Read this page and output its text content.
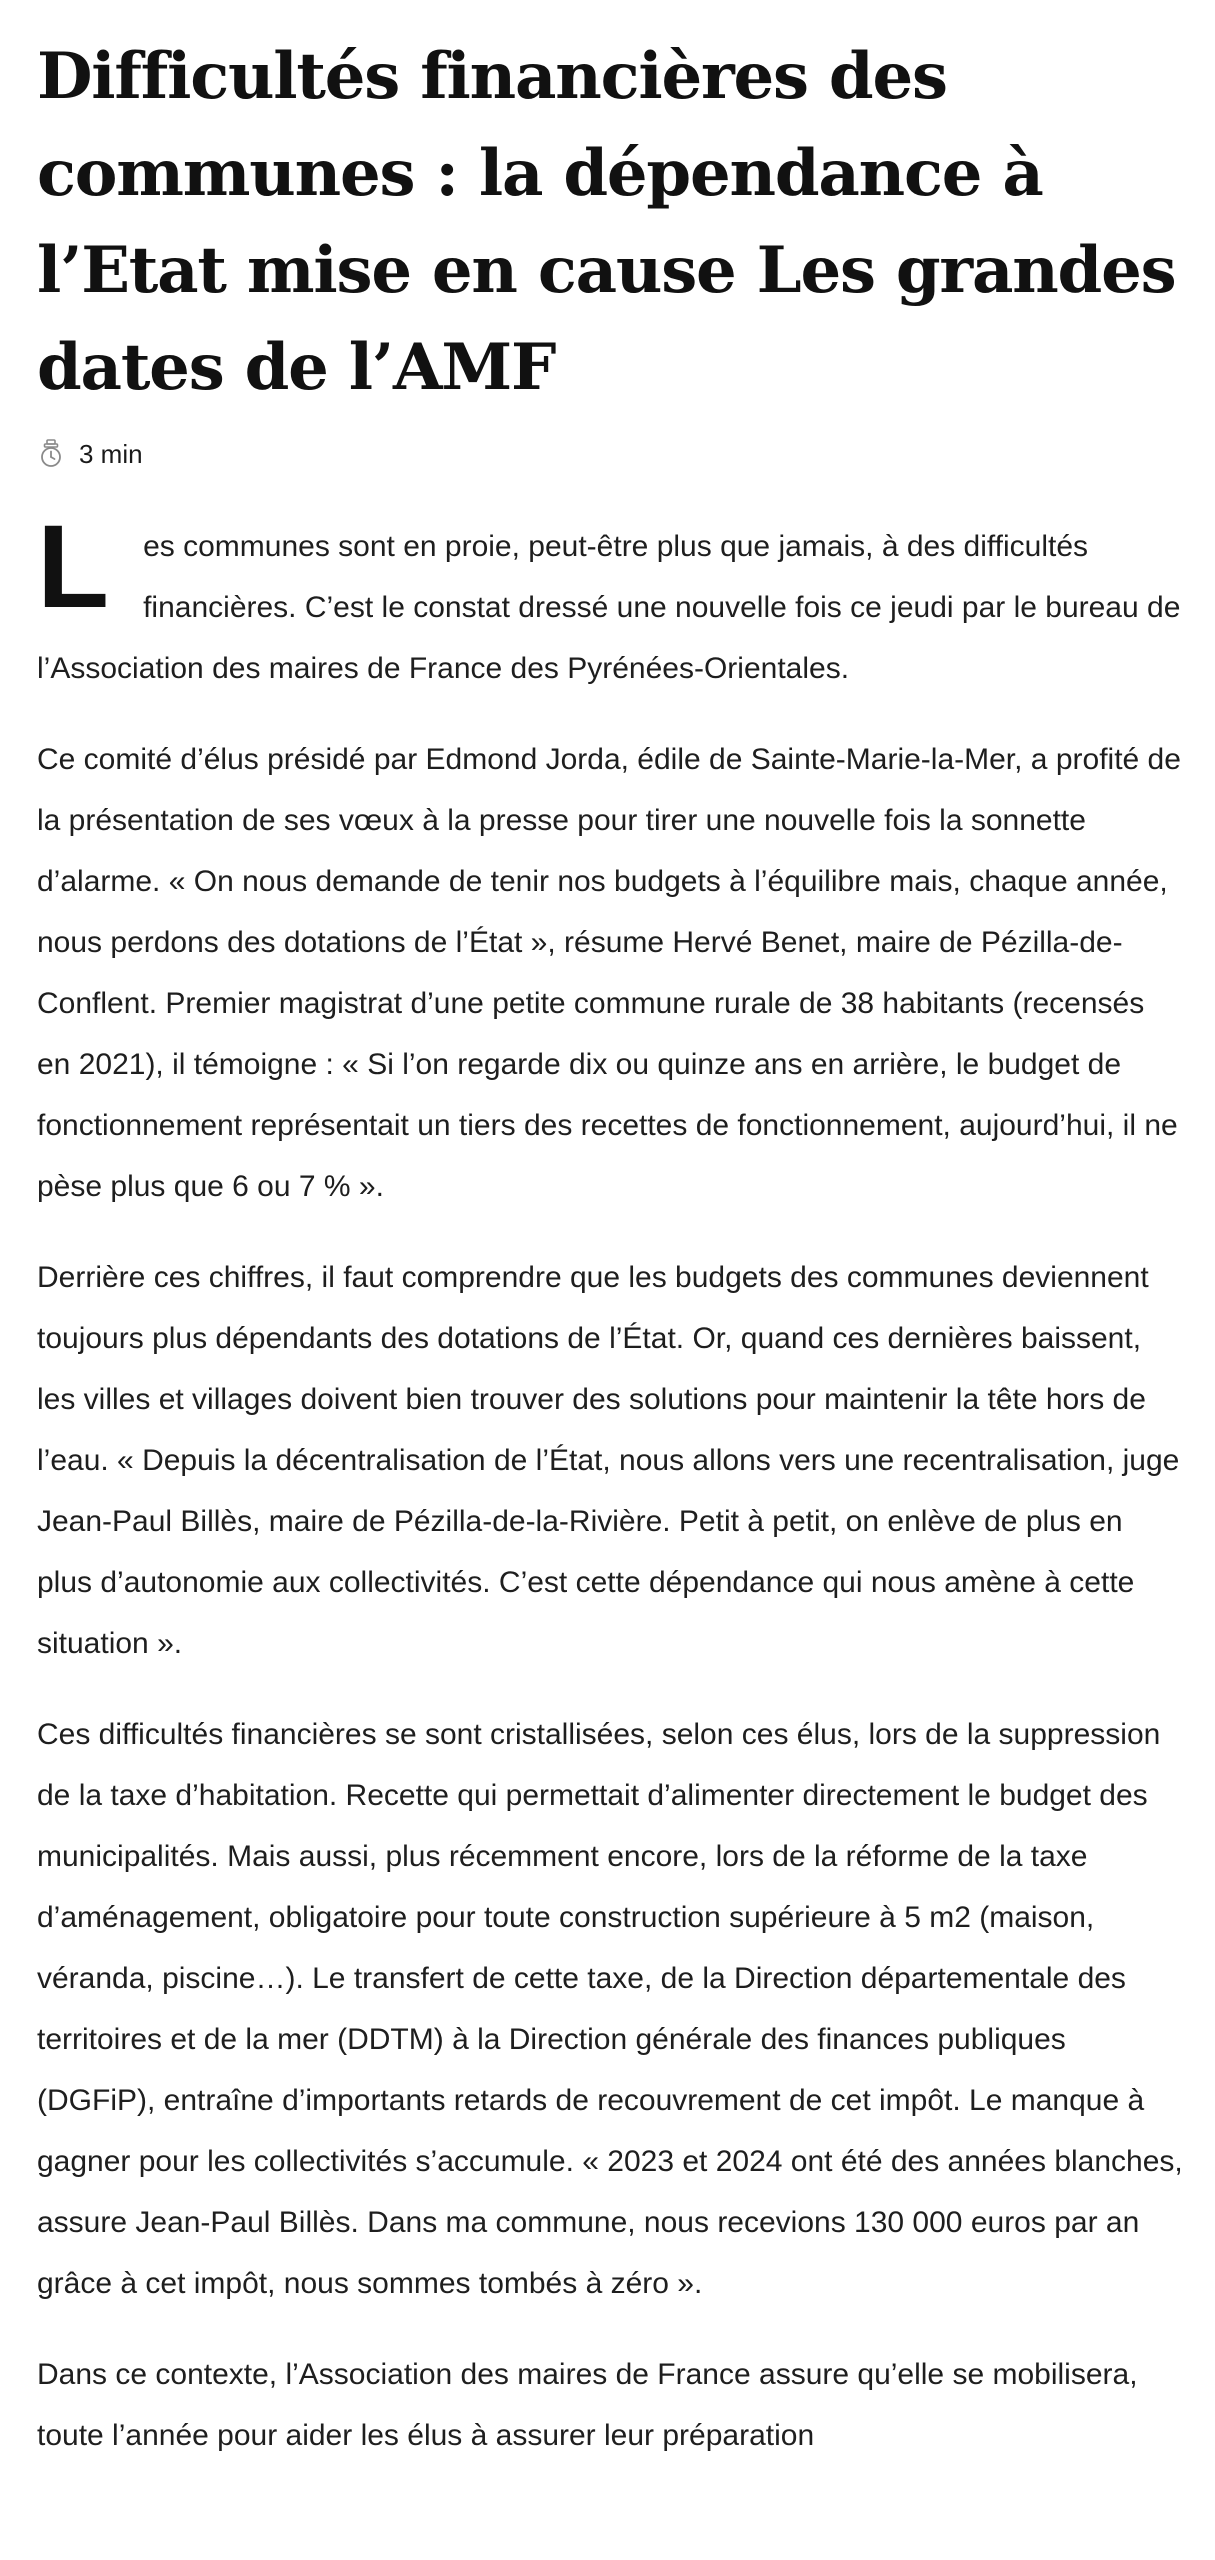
Difficultés financières des communes : la dépendance à l’Etat mise en cause Les grandes dates de l’AMF
3 min

L es communes sont en proie, peut-être plus que jamais, à des difficultés financières. C’est le constat dressé une nouvelle fois ce jeudi par le bureau de l’Association des maires de France des Pyrénées-Orientales.

Ce comité d’élus présidé par Edmond Jorda, édile de Sainte-Marie-la-Mer, a profité de la présentation de ses vœux à la presse pour tirer une nouvelle fois la sonnette d’alarme. « On nous demande de tenir nos budgets à l’équilibre mais, chaque année, nous perdons des dotations de l’État », résume Hervé Benet, maire de Pézilla-de-Conflent. Premier magistrat d’une petite commune rurale de 38 habitants (recensés en 2021), il témoigne : « Si l’on regarde dix ou quinze ans en arrière, le budget de fonctionnement représentait un tiers des recettes de fonctionnement, aujourd’hui, il ne pèse plus que 6 ou 7 % ».

Derrière ces chiffres, il faut comprendre que les budgets des communes deviennent toujours plus dépendants des dotations de l’État. Or, quand ces dernières baissent, les villes et villages doivent bien trouver des solutions pour maintenir la tête hors de l’eau. « Depuis la décentralisation de l’État, nous allons vers une recentralisation, juge Jean-Paul Billès, maire de Pézilla-de-la-Rivière. Petit à petit, on enlève de plus en plus d’autonomie aux collectivités. C’est cette dépendance qui nous amène à cette situation ».

Ces difficultés financières se sont cristallisées, selon ces élus, lors de la suppression de la taxe d’habitation. Recette qui permettait d’alimenter directement le budget des municipalités. Mais aussi, plus récemment encore, lors de la réforme de la taxe d’aménagement, obligatoire pour toute construction supérieure à 5 m2 (maison, véranda, piscine…). Le transfert de cette taxe, de la Direction départementale des territoires et de la mer (DDTM) à la Direction générale des finances publiques (DGFiP), entraîne d’importants retards de recouvrement de cet impôt. Le manque à gagner pour les collectivités s’accumule. « 2023 et 2024 ont été des années blanches, assure Jean-Paul Billès. Dans ma commune, nous recevions 130 000 euros par an grâce à cet impôt, nous sommes tombés à zéro ».

Dans ce contexte, l’Association des maires de France assure qu’elle se mobilisera, toute l’année pour aider les élus à assurer leur préparation
